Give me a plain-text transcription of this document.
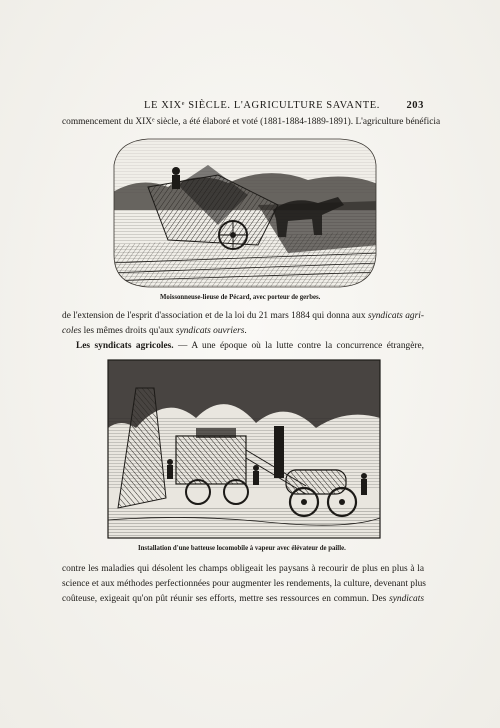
LE XIXᵉ SIÈCLE. L'AGRICULTURE SAVANTE.	203
commencement du XIXᵉ siècle, a été élaboré et voté (1881-1884-1889-1891). L'agriculture bénéficia
Moissonneuse-lieuse de Pécard, avec porteur de gerbes.
de l'extension de l'esprit d'association et de la loi du 21 mars 1884 qui donna aux syndicats agri-
coles les mêmes droits qu'aux syndicats ouvriers.
Les syndicats agricoles. — A une époque où la lutte contre la concurrence étrangère,
Installation d'une batteuse locomobile à vapeur avec élévateur de paille.
contre les maladies qui désolent les champs obligeait les paysans à recourir de plus en plus à la
science et aux méthodes perfectionnées pour augmenter les rendements, la culture, devenant plus
coûteuse, exigeait qu'on pût réunir ses efforts, mettre ses ressources en commun. Des syndicats
